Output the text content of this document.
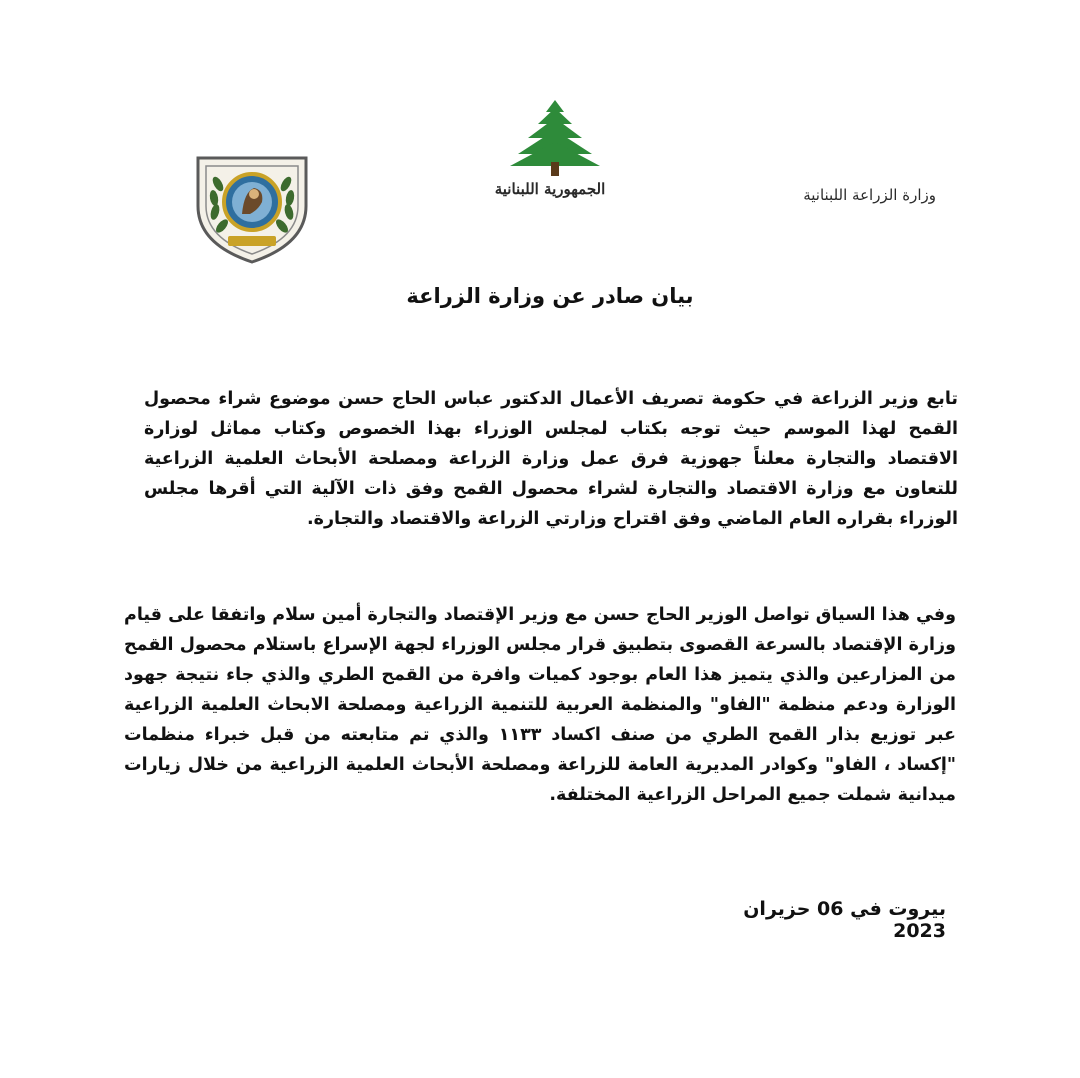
الجمهورية اللبنانية	وزارة الزراعة اللبنانية
بيان صادر عن وزارة الزراعة

تابع وزير الزراعة في حكومة تصريف الأعمال الدكتور عباس الحاج حسن موضوع شراء محصول القمح لهذا الموسم حيث توجه بكتاب لمجلس الوزراء بهذا الخصوص وكتاب مماثل لوزارة الاقتصاد والتجارة معلناً جهوزية فرق عمل وزارة الزراعة ومصلحة الأبحاث العلمية الزراعية للتعاون مع وزارة الاقتصاد والتجارة لشراء محصول القمح وفق ذات الآلية التي أقرها مجلس الوزراء بقراره العام الماضي وفق اقتراح وزارتي الزراعة والاقتصاد والتجارة.

وفي هذا السياق تواصل الوزير الحاج حسن مع وزير الإقتصاد والتجارة أمين سلام واتفقا على قيام وزارة الإقتصاد بالسرعة القصوى بتطبيق قرار مجلس الوزراء لجهة الإسراع باستلام محصول القمح من المزارعين والذي يتميز هذا العام بوجود كميات وافرة من القمح الطري والذي جاء نتيجة جهود الوزارة ودعم منظمة "الفاو" والمنظمة العربية للتنمية الزراعية ومصلحة الابحاث العلمية الزراعية عبر توزيع بذار القمح الطري من صنف اكساد ١١٣٣ والذي تم متابعته من قبل خبراء منظمات "إكساد ، الفاو" وكوادر المديرية العامة للزراعة ومصلحة الأبحاث العلمية الزراعية من خلال زيارات ميدانية شملت جميع المراحل الزراعية المختلفة.

بيروت في 06 حزيران 2023
